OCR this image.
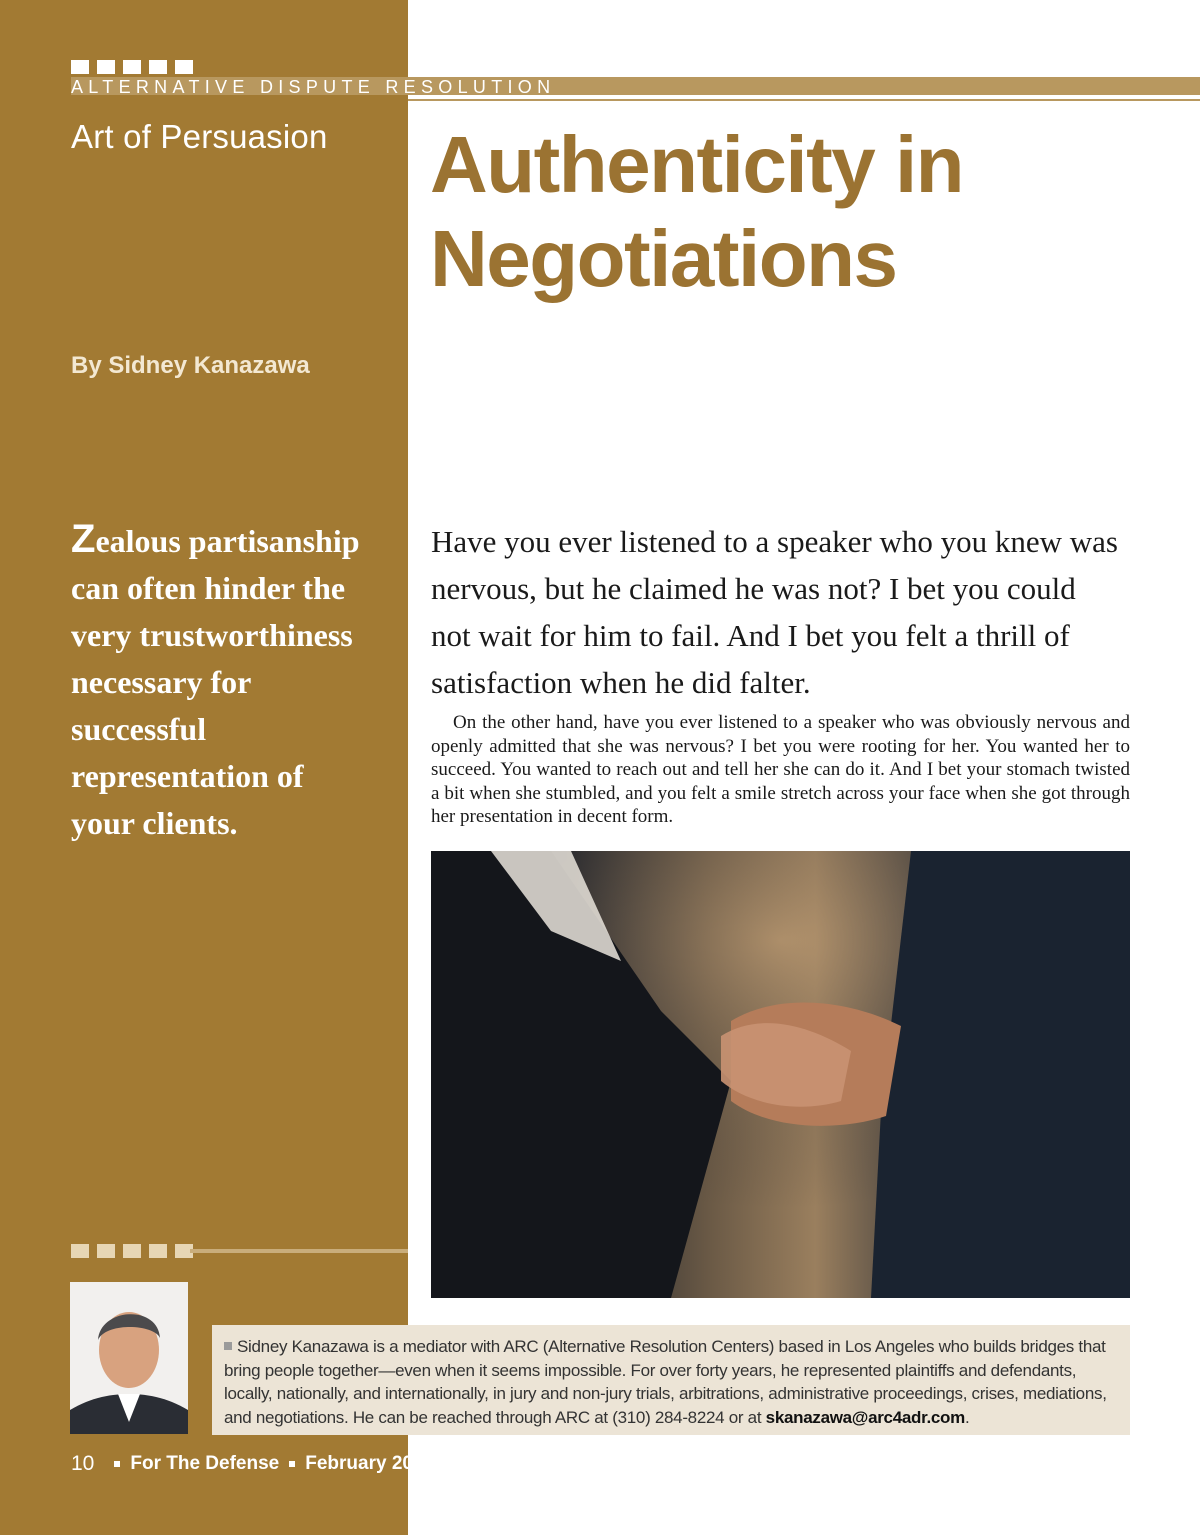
ALTERNATIVE DISPUTE RESOLUTION
Art of Persuasion Authenticity in Negotiations
By Sidney Kanazawa

Zealous partisanship can often hinder the very trustworthiness necessary for successful representation of your clients.

Have you ever listened to a speaker who you knew was nervous, but he claimed he was not? I bet you could not wait for him to fail. And I bet you felt a thrill of satisfaction when he did falter.

On the other hand, have you ever listened to a speaker who was obviously nervous and openly admitted that she was nervous? I bet you were rooting for her. You wanted her to succeed. You wanted to reach out and tell her she can do it. And I bet your stomach twisted a bit when she stumbled, and you felt a smile stretch across your face when she got through her presentation in decent form.

Sidney Kanazawa is a mediator with ARC (Alternative Resolution Centers) based in Los Angeles who builds bridges that bring people together—even when it seems impossible. For over forty years, he represented plaintiffs and defendants, locally, nationally, and internationally, in jury and non-jury trials, arbitrations, administrative proceedings, crises, mediations, and negotiations. He can be reached through ARC at (310) 284-8224 or at skanazawa@arc4adr.com.

10 For The Defense February 2021
